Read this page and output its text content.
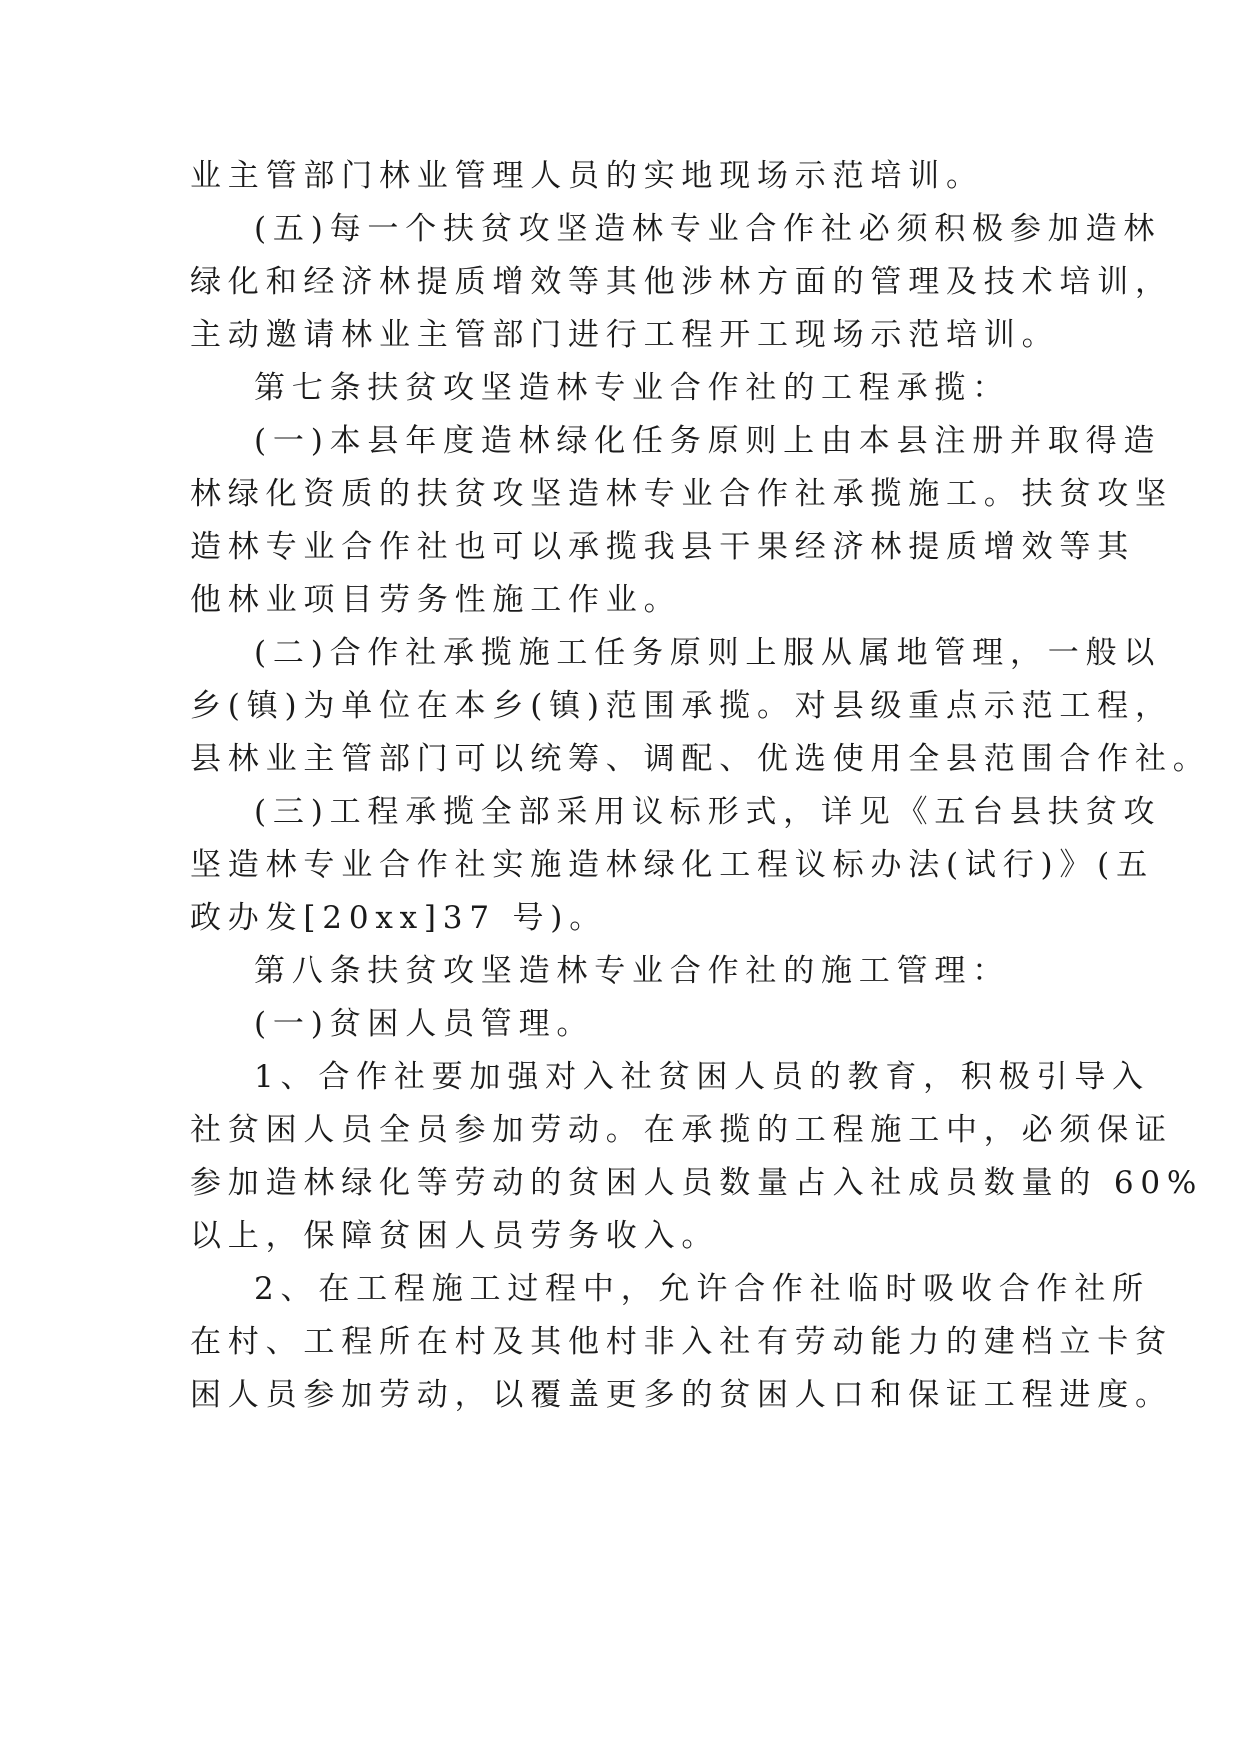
业主管部门林业管理人员的实地现场示范培训。
(五)每一个扶贫攻坚造林专业合作社必须积极参加造林
绿化和经济林提质增效等其他涉林方面的管理及技术培训，
主动邀请林业主管部门进行工程开工现场示范培训。
第七条扶贫攻坚造林专业合作社的工程承揽：
(一)本县年度造林绿化任务原则上由本县注册并取得造
林绿化资质的扶贫攻坚造林专业合作社承揽施工。扶贫攻坚
造林专业合作社也可以承揽我县干果经济林提质增效等其
他林业项目劳务性施工作业。
(二)合作社承揽施工任务原则上服从属地管理，一般以
乡(镇)为单位在本乡(镇)范围承揽。对县级重点示范工程，
县林业主管部门可以统筹、调配、优选使用全县范围合作社。
(三)工程承揽全部采用议标形式，详见《五台县扶贫攻
坚造林专业合作社实施造林绿化工程议标办法(试行)》(五
政办发[20xx]37 号)。
第八条扶贫攻坚造林专业合作社的施工管理：
(一)贫困人员管理。
1、合作社要加强对入社贫困人员的教育，积极引导入
社贫困人员全员参加劳动。在承揽的工程施工中，必须保证
参加造林绿化等劳动的贫困人员数量占入社成员数量的 60%
以上，保障贫困人员劳务收入。
2、在工程施工过程中，允许合作社临时吸收合作社所
在村、工程所在村及其他村非入社有劳动能力的建档立卡贫
困人员参加劳动，以覆盖更多的贫困人口和保证工程进度。
